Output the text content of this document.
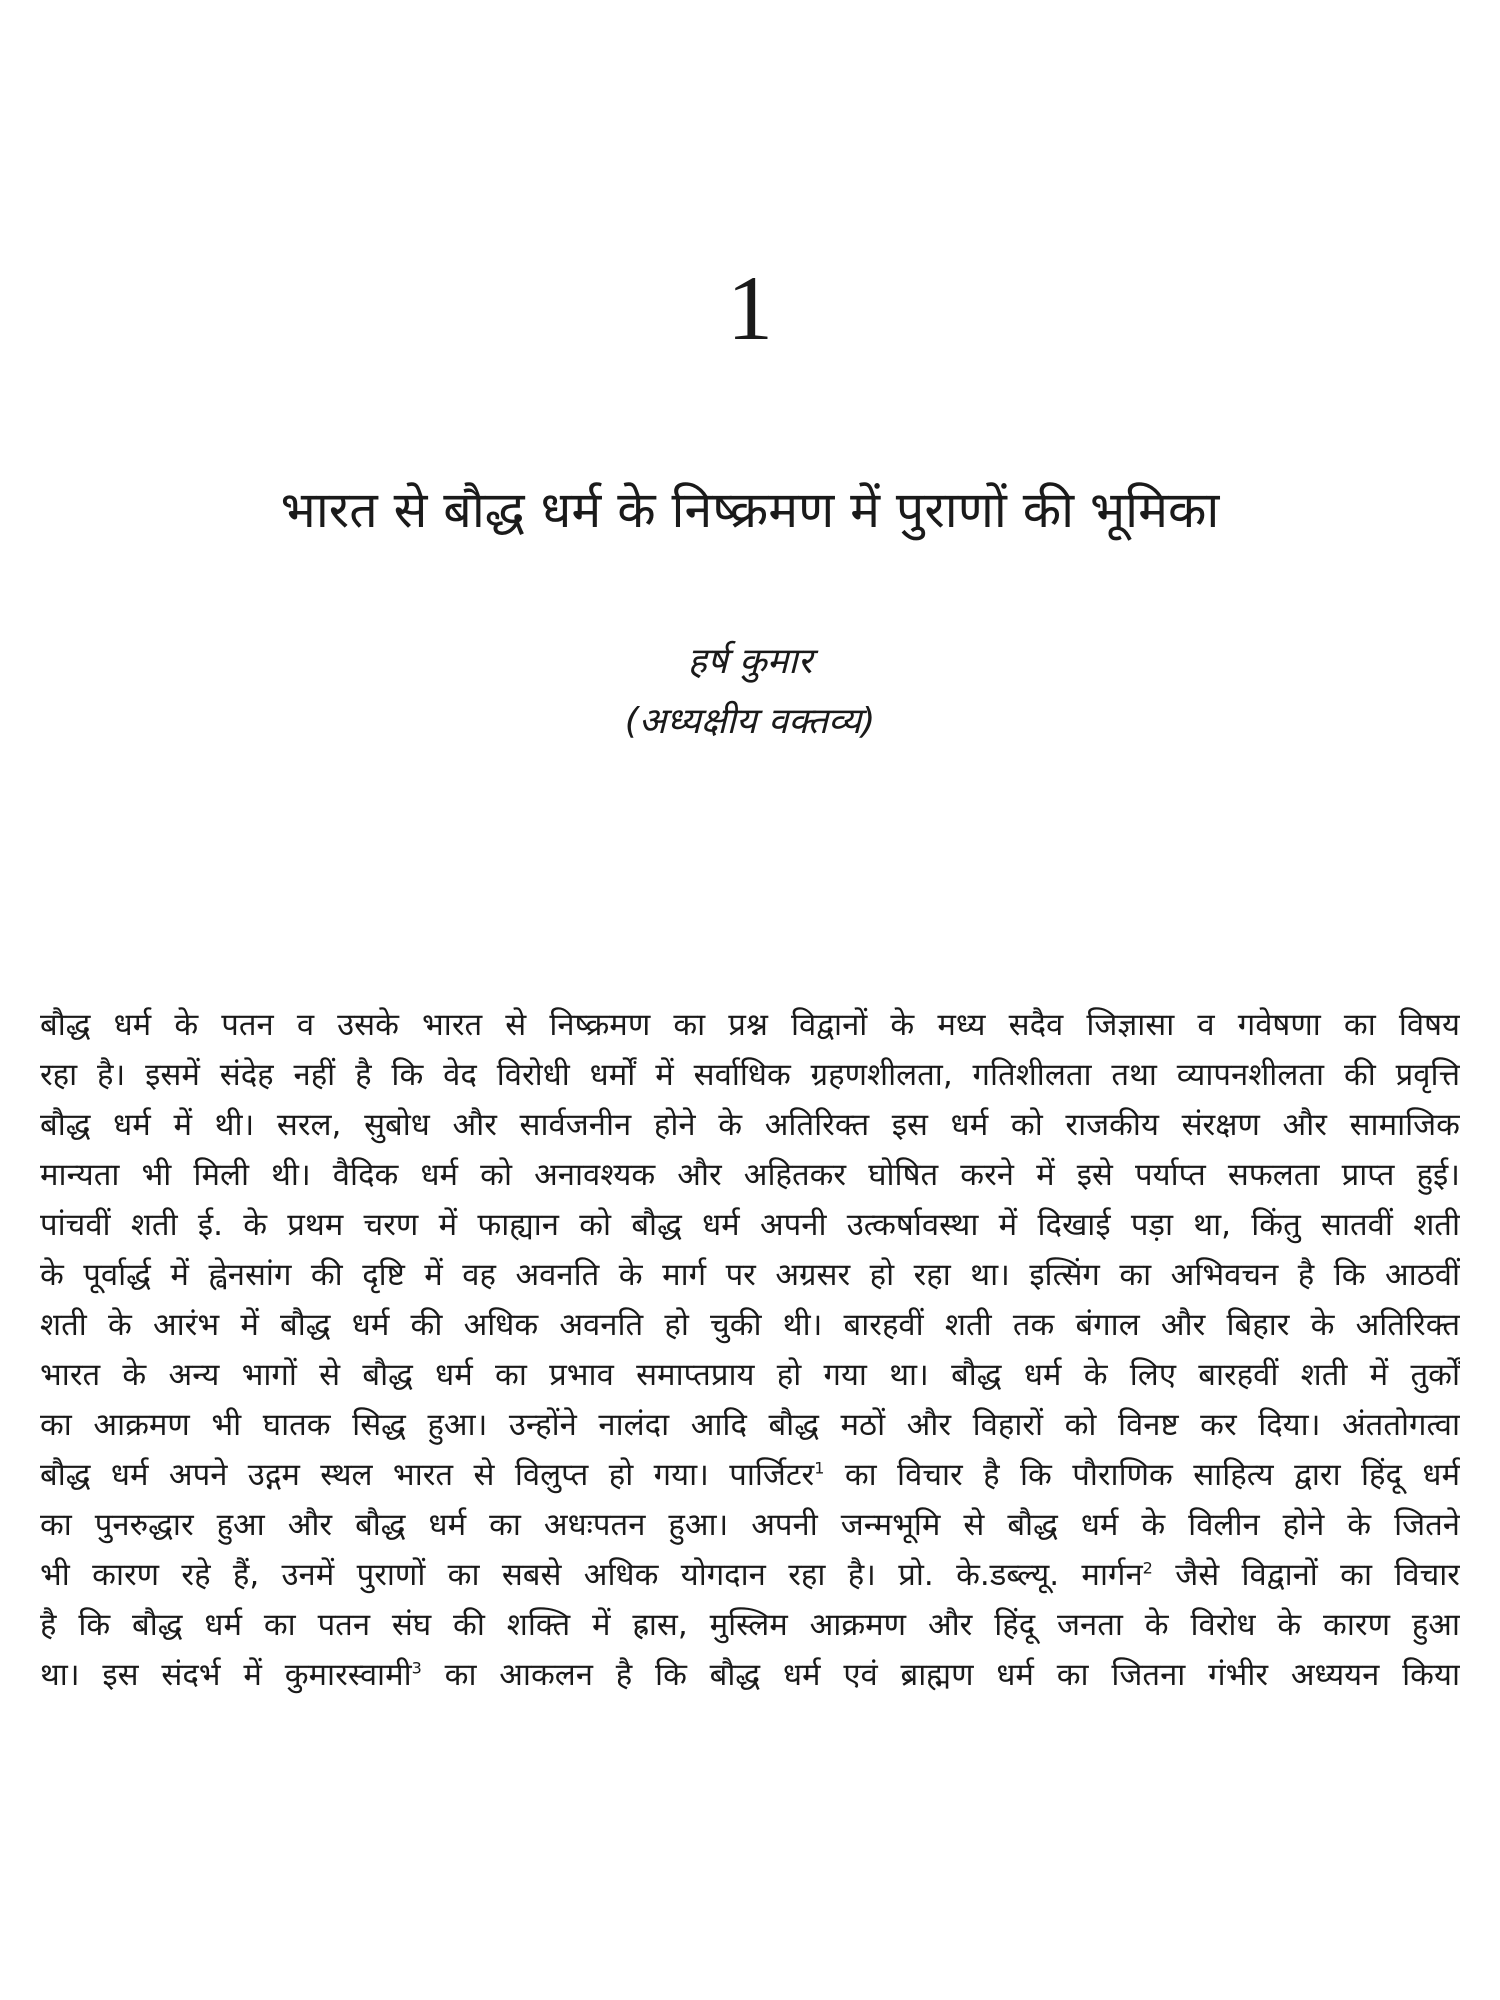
1
भारत से बौद्ध धर्म के निष्क्रमण में पुराणों की भूमिका
हर्ष कुमार
(अध्यक्षीय वक्तव्य)
बौद्ध धर्म के पतन व उसके भारत से निष्क्रमण का प्रश्न विद्वानों के मध्य सदैव जिज्ञासा व गवेषणा का विषय
रहा है। इसमें संदेह नहीं है कि वेद विरोधी धर्मों में सर्वाधिक ग्रहणशीलता, गतिशीलता तथा व्यापनशीलता की प्रवृत्ति
बौद्ध धर्म में थी। सरल, सुबोध और सार्वजनीन होने के अतिरिक्त इस धर्म को राजकीय संरक्षण और सामाजिक
मान्यता भी मिली थी। वैदिक धर्म को अनावश्यक और अहितकर घोषित करने में इसे पर्याप्त सफलता प्राप्त हुई।
पांचवीं शती ई. के प्रथम चरण में फाह्यान को बौद्ध धर्म अपनी उत्कर्षावस्था में दिखाई पड़ा था, किंतु सातवीं शती
के पूर्वार्द्ध में ह्वेनसांग की दृष्टि में वह अवनति के मार्ग पर अग्रसर हो रहा था। इत्सिंग का अभिवचन है कि आठवीं
शती के आरंभ में बौद्ध धर्म की अधिक अवनति हो चुकी थी। बारहवीं शती तक बंगाल और बिहार के अतिरिक्त
भारत के अन्य भागों से बौद्ध धर्म का प्रभाव समाप्तप्राय हो गया था। बौद्ध धर्म के लिए बारहवीं शती में तुर्कों
का आक्रमण भी घातक सिद्ध हुआ। उन्होंने नालंदा आदि बौद्ध मठों और विहारों को विनष्ट कर दिया। अंततोगत्वा
बौद्ध धर्म अपने उद्गम स्थल भारत से विलुप्त हो गया। पार्जिटर$^1$ का विचार है कि पौराणिक साहित्य द्वारा हिंदू धर्म
का पुनरुद्धार हुआ और बौद्ध धर्म का अधःपतन हुआ। अपनी जन्मभूमि से बौद्ध धर्म के विलीन होने के जितने
भी कारण रहे हैं, उनमें पुराणों का सबसे अधिक योगदान रहा है। प्रो. के.डब्ल्यू. मार्गन$^2$ जैसे विद्वानों का विचार
है कि बौद्ध धर्म का पतन संघ की शक्ति में ह्रास, मुस्लिम आक्रमण और हिंदू जनता के विरोध के कारण हुआ
था। इस संदर्भ में कुमारस्वामी$^3$ का आकलन है कि बौद्ध धर्म एवं ब्राह्मण धर्म का जितना गंभीर अध्ययन किया
